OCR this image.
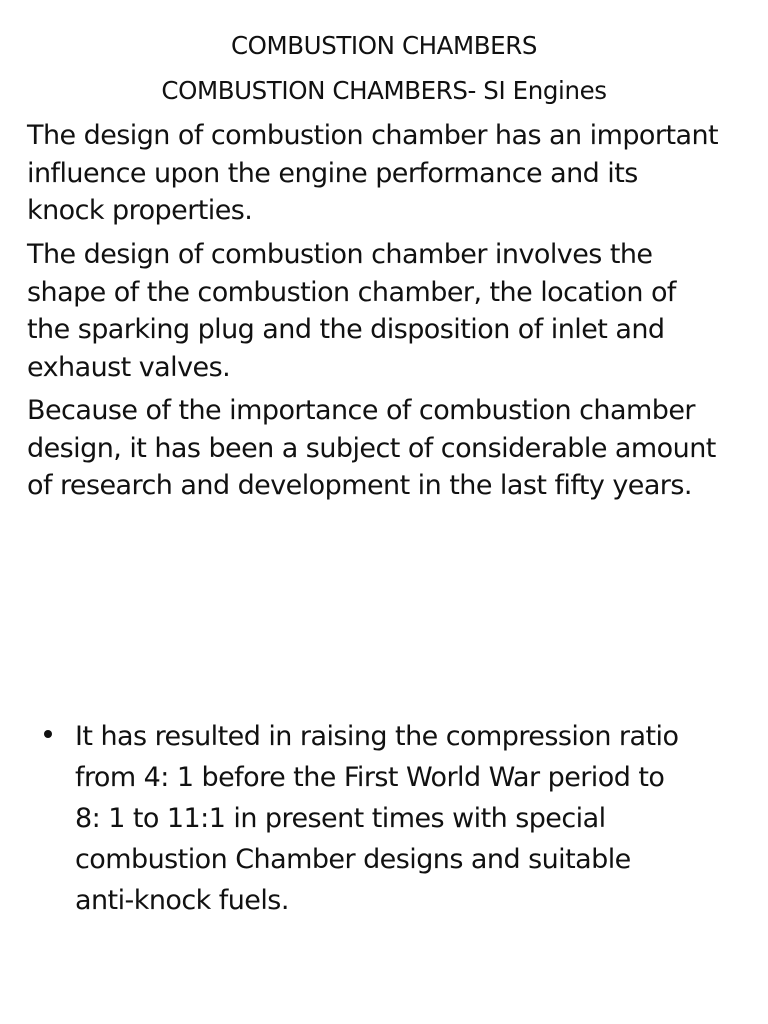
COMBUSTION CHAMBERS
COMBUSTION CHAMBERS- SI Engines
The design of combustion chamber has an important
influence upon the engine performance and its
knock properties.
The design of combustion chamber involves the
shape of the combustion chamber, the location of
the sparking plug and the disposition of inlet and
exhaust valves.
Because of the importance of combustion chamber
design, it has been a subject of considerable amount
of research and development in the last fifty years.
It has resulted in raising the compression ratio
from 4: 1 before the First World War period to
8: 1 to 11:1 in present times with special
combustion Chamber designs and suitable
anti-knock fuels.
